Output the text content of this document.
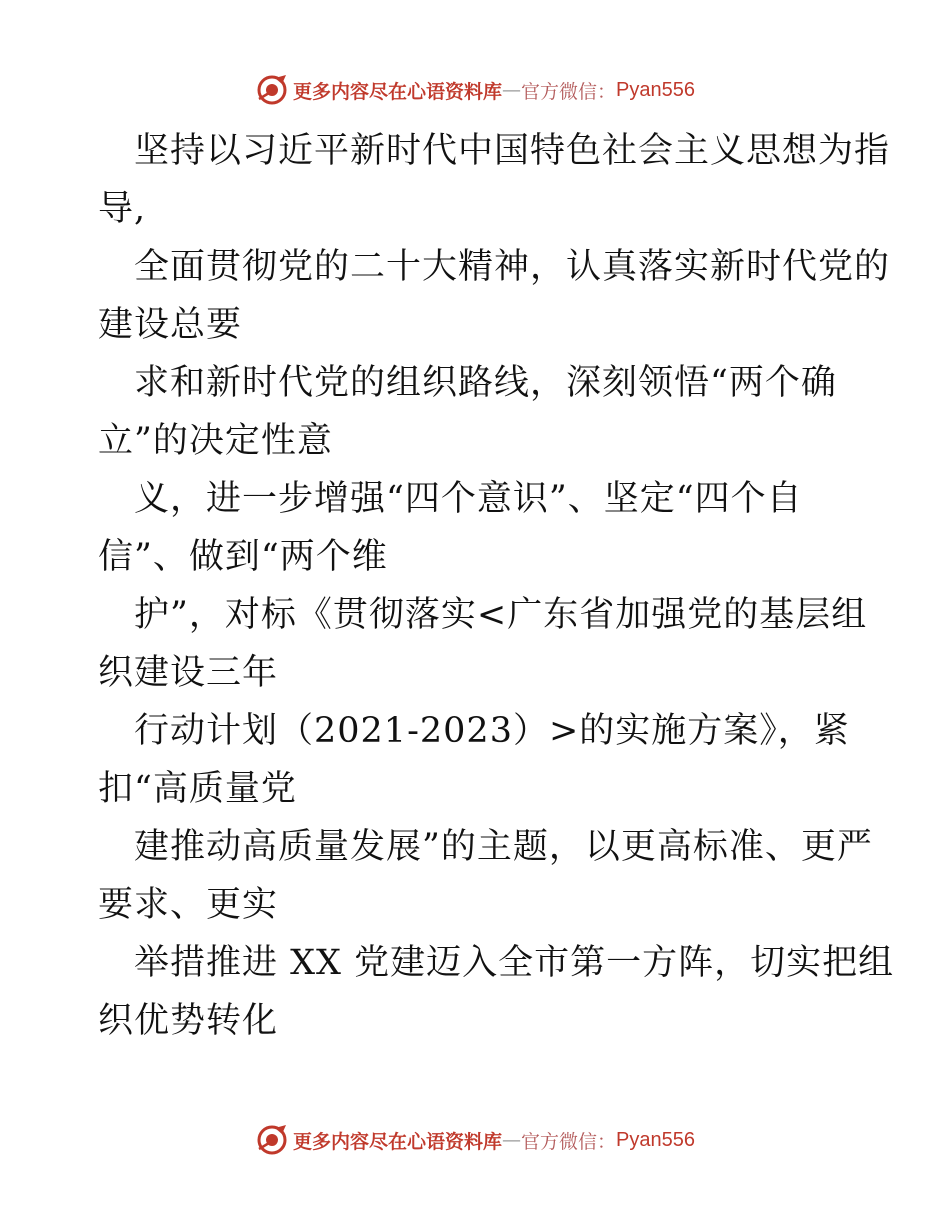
更多内容尽在心语资料库 — 官方微信： Pyan556
坚持以习近平新时代中国特色社会主义思想为指
导,
全面贯彻党的二十大精神，认真落实新时代党的
建设总要
求和新时代党的组织路线，深刻领悟“两个确
立”的决定性意
义，进一步增强“四个意识”、坚定“四个自
信”、做到“两个维
护”，对标《贯彻落实<广东省加强党的基层组
织建设三年
行动计划（2021-2023）>的实施方案》，紧
扣“高质量党
建推动高质量发展”的主题，以更高标准、更严
要求、更实
举措推进 XX 党建迈入全市第一方阵，切实把组
织优势转化
更多内容尽在心语资料库 — 官方微信： Pyan556
